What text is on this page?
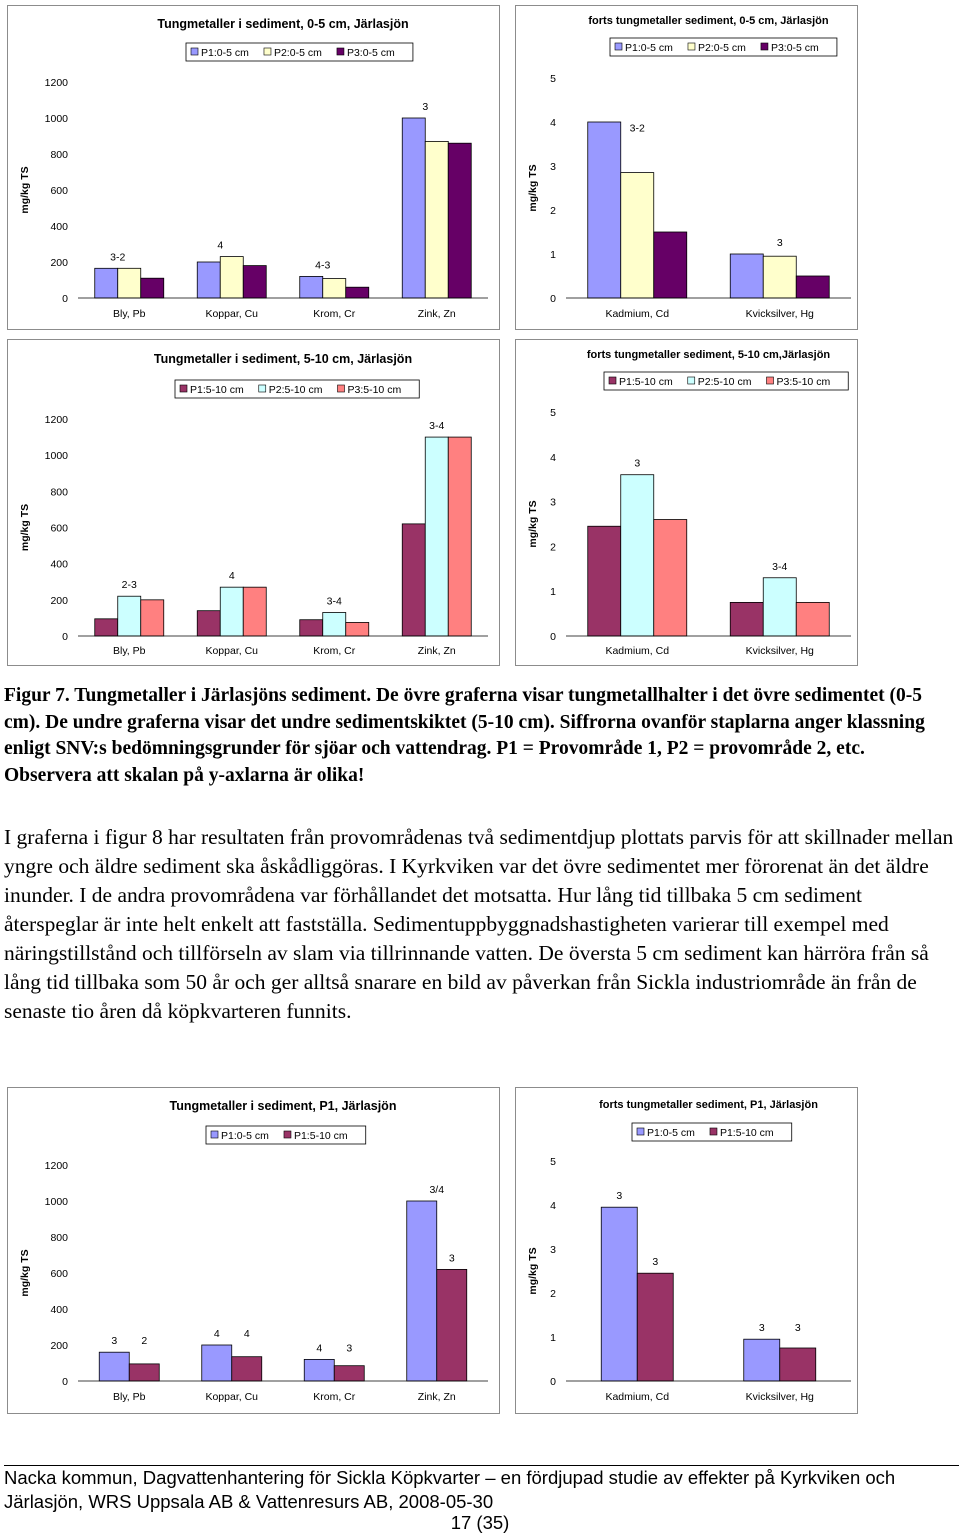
Tungmetaller i sediment, 0-5 cm, Järlasjön
P1:0-5 cm P2:0-5 cm P3:0-5 cm
mg/kg TS
0
200
400
600
800
1000
1200
Bly, Pb	Koppar, Cu	Krom, Cr	Zink, Zn
3-2
4
4-3
3
forts tungmetaller sediment, 0-5 cm, Järlasjön
P1:0-5 cm P2:0-5 cm P3:0-5 cm
mg/kg TS
0
1
2
3
4
5
Kadmium, Cd	Kvicksilver, Hg
3-2
3
Tungmetaller i sediment, 5-10 cm, Järlasjön
P1:5-10 cm P2:5-10 cm P3:5-10 cm
mg/kg TS
0
200
400
600
800
1000
1200
Bly, Pb	Koppar, Cu	Krom, Cr	Zink, Zn
2-3
4
3-4
3-4
forts tungmetaller sediment, 5-10 cm,Järlasjön
P1:5-10 cm P2:5-10 cm P3:5-10 cm
mg/kg TS
0
1
2
3
4
5
Kadmium, Cd	Kvicksilver, Hg
3
3-4
Tungmetaller i sediment, P1, Järlasjön
P1:0-5 cm P1:5-10 cm
mg/kg TS
0
200
400
600
800
1000
1200
Bly, Pb	Koppar, Cu	Krom, Cr	Zink, Zn
3 2
4 4
4 3
3/4
3
forts tungmetaller sediment, P1, Järlasjön
P1:0-5 cm P1:5-10 cm
mg/kg TS
0
1
2
3
4
5
Kadmium, Cd	Kvicksilver, Hg
3
3
3	3
Figur 7. Tungmetaller i Järlasjöns sediment. De övre graferna visar tungmetallhalter i det övre sedimentet (0-5 cm). De undre graferna visar det undre sedimentskiktet (5-10 cm). Siffrorna ovanför staplarna anger klassning enligt SNV:s bedömningsgrunder för sjöar och vattendrag. P1 = Provområde 1, P2 = provområde 2, etc. Observera att skalan på y-axlarna är olika!
I graferna i figur 8 har resultaten från provområdenas två sedimentdjup plottats parvis för att skillnader mellan yngre och äldre sediment ska åskådliggöras. I Kyrkviken var det övre sedimentet mer förorenat än det äldre inunder. I de andra provområdena var förhållandet det motsatta. Hur lång tid tillbaka 5 cm sediment återspeglar är inte helt enkelt att fastställa. Sedimentuppbyggnadshastigheten varierar till exempel med näringstillstånd och tillförseln av slam via tillrinnande vatten. De översta 5 cm sediment kan härröra från så lång tid tillbaka som 50 år och ger alltså snarare en bild av påverkan från Sickla industriområde än från de senaste tio åren då köpkvarteren funnits.
Nacka kommun, Dagvattenhantering för Sickla Köpkvarter – en fördjupad studie av effekter på Kyrkviken och
Järlasjön, WRS Uppsala AB & Vattenresurs AB, 2008-05-30
17 (35)
